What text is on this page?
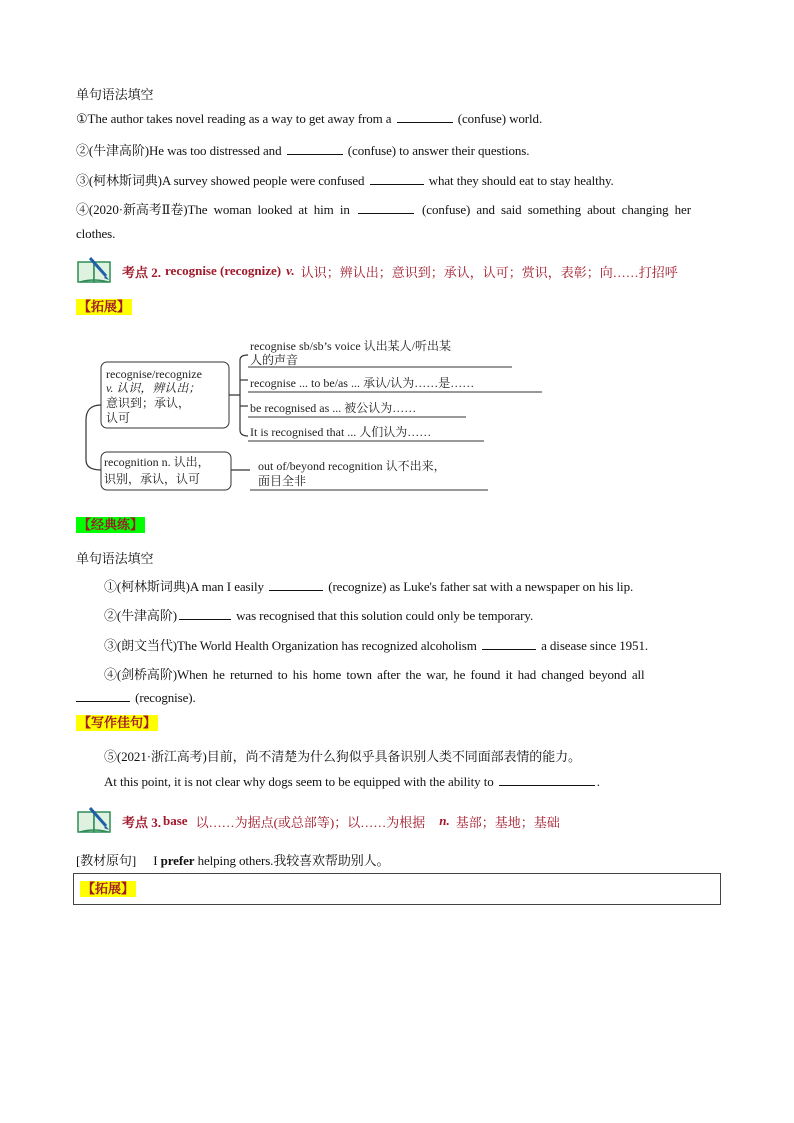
单句语法填空
①The author takes novel reading as a way to get away from a	(confuse) world.
②(牛津高阶)He was too distressed and	(confuse) to answer their questions.
③(柯林斯词典)A survey showed people were confused	what they should eat to stay healthy.
④(2020·新高考Ⅱ卷)The woman looked at him in	(confuse) and said something about changing her
clothes.
考点 2. recognise (recognize) v. 认识；辨认出；意识到；承认，认可；赏识，表彰；向……打招呼
【拓展】
recognise/recognize
v. 认识，辨认出；
意识到；承认，
认可
recognition n. 认出，
识别，承认，认可
recognise sb/sb’s voice 认出某人/听出某
人的声音
recognise ... to be/as ... 承认/认为……是……
be recognised as ... 被公认为……
It is recognised that ... 人们认为……
out of/beyond recognition 认不出来，
面目全非
【经典练】
单句语法填空
①(柯林斯词典)A man I easily	(recognize) as Luke's father sat with a newspaper on his lip.
②(牛津高阶)	was recognised that this solution could only be temporary.
③(朗文当代)The World Health Organization has recognized alcoholism	a disease since 1951.
④(剑桥高阶)When he returned to his home town after the war, he found it had changed beyond all
(recognise).
【写作佳句】
⑤(2021·浙江高考)目前，尚不清楚为什么狗似乎具备识别人类不同面部表情的能力。
At this point, it is not clear why dogs seem to be equipped with the ability to	.
考点 3. base 以……为据点(或总部等)；以……为根据 n. 基部；基地；基础
[教材原句] I prefer helping others.我较喜欢帮助别人。
【拓展】
